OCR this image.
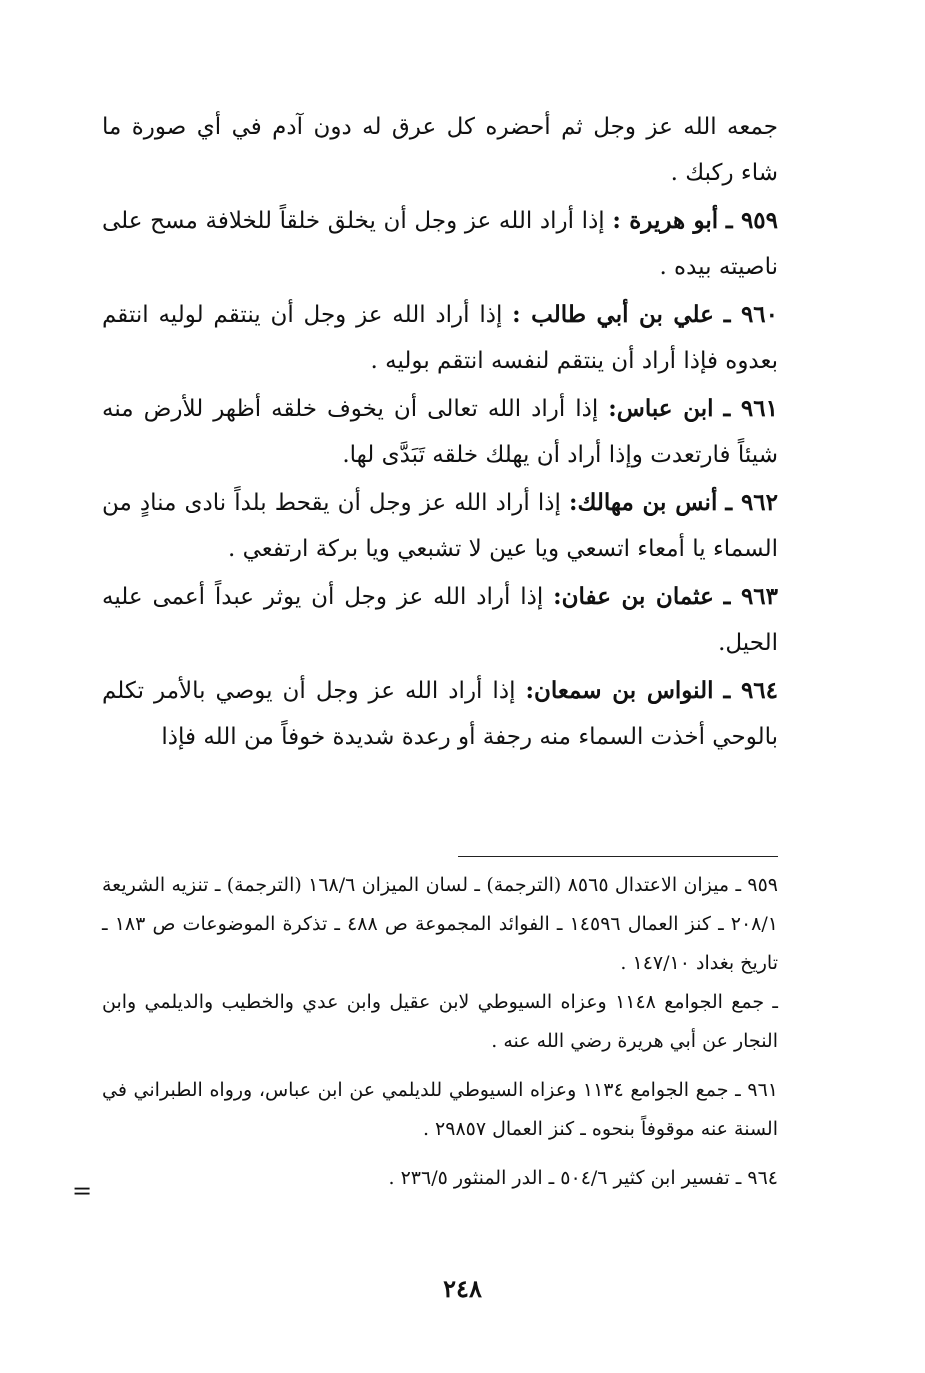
جمعه الله عز وجل ثم أحضره كل عرق له دون آدم في أي صورة ما شاء ركبك .

٩٥٩ ـ أبو هريرة : إذا أراد الله عز وجل أن يخلق خلقاً للخلافة مسح على ناصيته بيده .

٩٦٠ ـ علي بن أبي طالب : إذا أراد الله عز وجل أن ينتقم لوليه انتقم بعدوه فإذا أراد أن ينتقم لنفسه انتقم بوليه .

٩٦١ ـ ابن عباس: إذا أراد الله تعالى أن يخوف خلقه أظهر للأرض منه شيئاً فارتعدت وإذا أراد أن يهلك خلقه تَبَدَّى لها.

٩٦٢ ـ أنس بن مهالك: إذا أراد الله عز وجل أن يقحط بلداً نادى منادٍ من السماء يا أمعاء اتسعي ويا عين لا تشبعي ويا بركة ارتفعي .

٩٦٣ ـ عثمان بن عفان: إذا أراد الله عز وجل أن يوثر عبداً أعمى عليه الحيل.

٩٦٤ ـ النواس بن سمعان: إذا أراد الله عز وجل أن يوصي بالأمر تكلم بالوحي أخذت السماء منه رجفة أو رعدة شديدة خوفاً من الله فإذا

٩٥٩ ـ ميزان الاعتدال ٨٥٦٥ (الترجمة) ـ لسان الميزان ١٦٨/٦ (الترجمة) ـ تنزيه الشريعة ٢٠٨/١ ـ كنز العمال ١٤٥٩٦ ـ الفوائد المجموعة ص ٤٨٨ ـ تذكرة الموضوعات ص ١٨٣ ـ تاريخ بغداد ١٤٧/١٠ .

ـ جمع الجوامع ١١٤٨ وعزاه السيوطي لابن عقيل وابن عدي والخطيب والديلمي وابن النجار عن أبي هريرة رضي الله عنه .

٩٦١ ـ جمع الجوامع ١١٣٤ وعزاه السيوطي للديلمي عن ابن عباس، ورواه الطبراني في السنة عنه موقوفاً بنحوه ـ كنز العمال ٢٩٨٥٧ .

٩٦٤ ـ تفسير ابن كثير ٥٠٤/٦ ـ الدر المنثور ٢٣٦/٥ .

=
٢٤٨
